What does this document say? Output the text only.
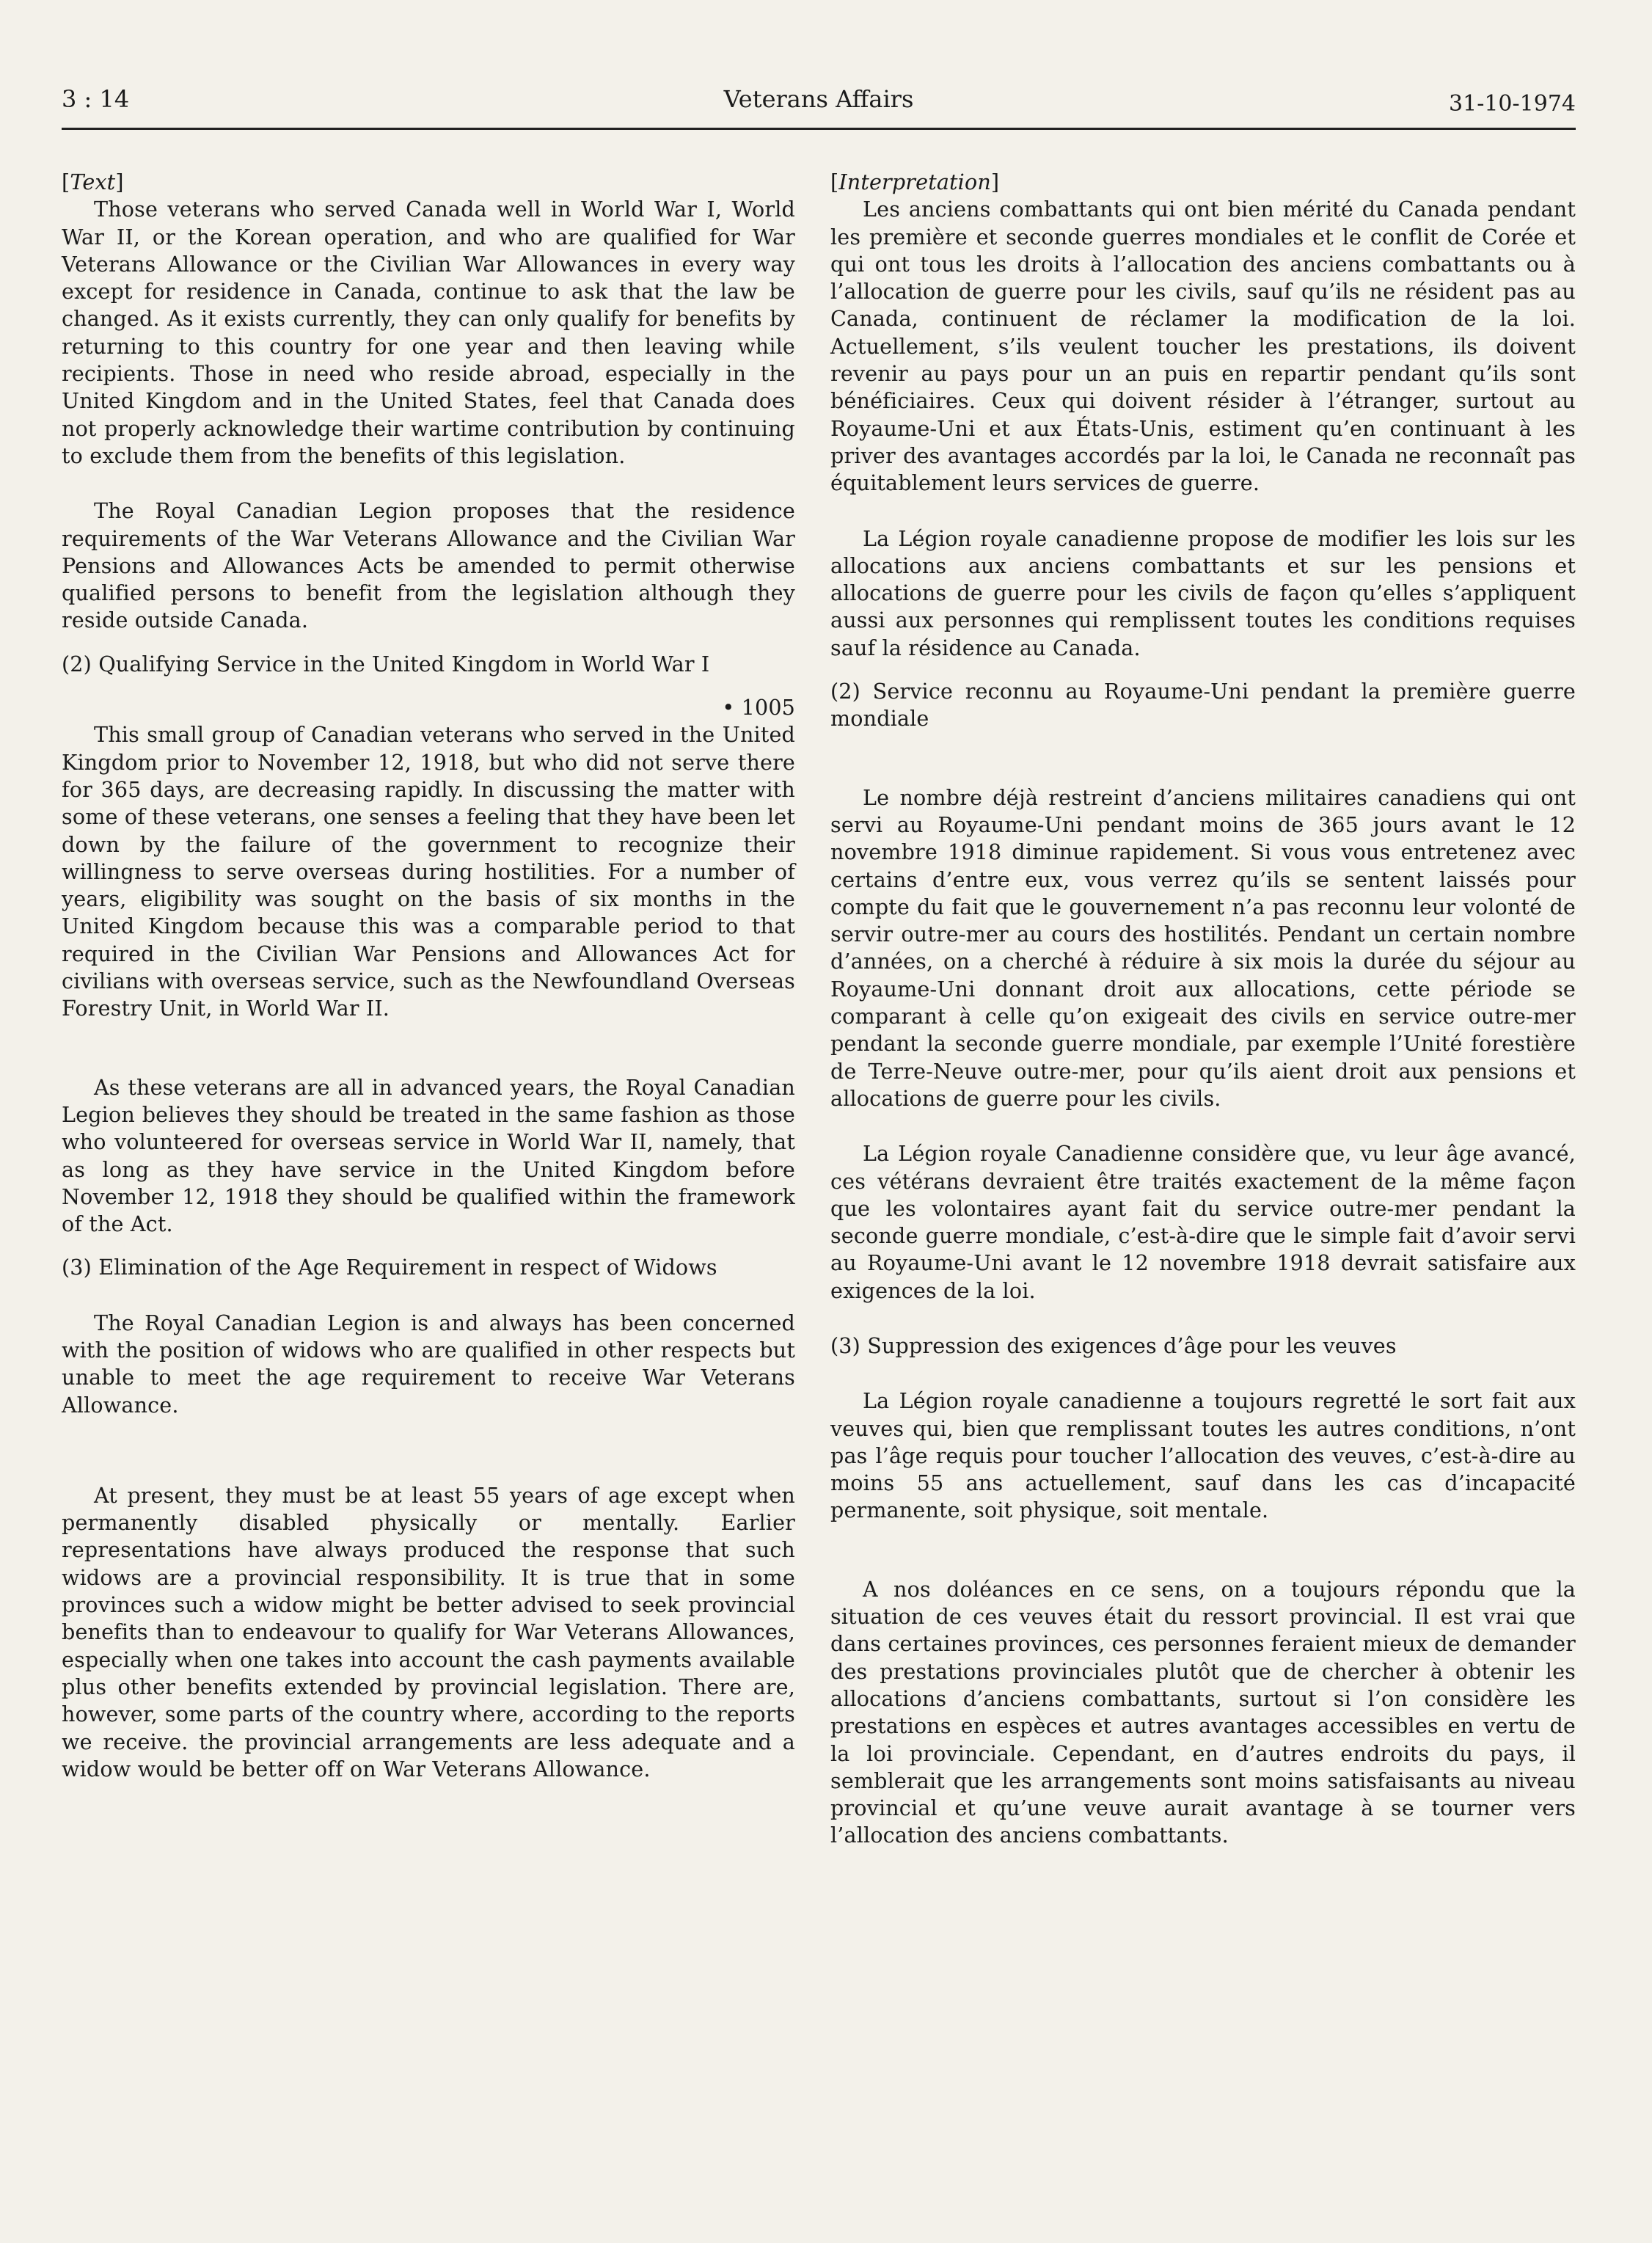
3 : 14	Veterans Affairs	31-10-1974
[Text]

Those veterans who served Canada well in World War I, World War II, or the Korean operation, and who are qualified for War Veterans Allowance or the Civilian War Allowances in every way except for residence in Canada, continue to ask that the law be changed. As it exists currently, they can only qualify for benefits by returning to this country for one year and then leaving while recipients. Those in need who reside abroad, especially in the United Kingdom and in the United States, feel that Canada does not properly acknowledge their wartime contribution by continuing to exclude them from the benefits of this legislation.

The Royal Canadian Legion proposes that the residence requirements of the War Veterans Allowance and the Civilian War Pensions and Allowances Acts be amended to permit otherwise qualified persons to benefit from the legislation although they reside outside Canada.

(2) Qualifying Service in the United Kingdom in World War I

• 1005

This small group of Canadian veterans who served in the United Kingdom prior to November 12, 1918, but who did not serve there for 365 days, are decreasing rapidly. In discussing the matter with some of these veterans, one senses a feeling that they have been let down by the failure of the government to recognize their willingness to serve overseas during hostilities. For a number of years, eligibility was sought on the basis of six months in the United Kingdom because this was a comparable period to that required in the Civilian War Pensions and Allowances Act for civilians with overseas service, such as the Newfoundland Overseas Forestry Unit, in World War II.

As these veterans are all in advanced years, the Royal Canadian Legion believes they should be treated in the same fashion as those who volunteered for overseas service in World War II, namely, that as long as they have service in the United Kingdom before November 12, 1918 they should be qualified within the framework of the Act.

(3) Elimination of the Age Requirement in respect of Widows

The Royal Canadian Legion is and always has been concerned with the position of widows who are qualified in other respects but unable to meet the age requirement to receive War Veterans Allowance.

At present, they must be at least 55 years of age except when permanently disabled physically or mentally. Earlier representations have always produced the response that such widows are a provincial responsibility. It is true that in some provinces such a widow might be better advised to seek provincial benefits than to endeavour to qualify for War Veterans Allowances, especially when one takes into account the cash payments available plus other benefits extended by provincial legislation. There are, however, some parts of the country where, according to the reports we receive. the provincial arrangements are less adequate and a widow would be better off on War Veterans Allowance.

[Interpretation]

Les anciens combattants qui ont bien mérité du Canada pendant les première et seconde guerres mondiales et le conflit de Corée et qui ont tous les droits à l’allocation des anciens combattants ou à l’allocation de guerre pour les civils, sauf qu’ils ne résident pas au Canada, continuent de réclamer la modification de la loi. Actuellement, s’ils veulent toucher les prestations, ils doivent revenir au pays pour un an puis en repartir pendant qu’ils sont bénéficiaires. Ceux qui doivent résider à l’étranger, surtout au Royaume-Uni et aux États-Unis, estiment qu’en continuant à les priver des avantages accordés par la loi, le Canada ne reconnaît pas équitablement leurs services de guerre.

La Légion royale canadienne propose de modifier les lois sur les allocations aux anciens combattants et sur les pensions et allocations de guerre pour les civils de façon qu’elles s’appliquent aussi aux personnes qui remplissent toutes les conditions requises sauf la résidence au Canada.

(2) Service reconnu au Royaume-Uni pendant la première guerre mondiale

Le nombre déjà restreint d’anciens militaires canadiens qui ont servi au Royaume-Uni pendant moins de 365 jours avant le 12 novembre 1918 diminue rapidement. Si vous vous entretenez avec certains d’entre eux, vous verrez qu’ils se sentent laissés pour compte du fait que le gouvernement n’a pas reconnu leur volonté de servir outre-mer au cours des hostilités. Pendant un certain nombre d’années, on a cherché à réduire à six mois la durée du séjour au Royaume-Uni donnant droit aux allocations, cette période se comparant à celle qu’on exigeait des civils en service outre-mer pendant la seconde guerre mondiale, par exemple l’Unité forestière de Terre-Neuve outre-mer, pour qu’ils aient droit aux pensions et allocations de guerre pour les civils.

La Légion royale Canadienne considère que, vu leur âge avancé, ces vétérans devraient être traités exactement de la même façon que les volontaires ayant fait du service outre-mer pendant la seconde guerre mondiale, c’est-à-dire que le simple fait d’avoir servi au Royaume-Uni avant le 12 novembre 1918 devrait satisfaire aux exigences de la loi.

(3) Suppression des exigences d’âge pour les veuves

La Légion royale canadienne a toujours regretté le sort fait aux veuves qui, bien que remplissant toutes les autres conditions, n’ont pas l’âge requis pour toucher l’allocation des veuves, c’est-à-dire au moins 55 ans actuellement, sauf dans les cas d’incapacité permanente, soit physique, soit mentale.

A nos doléances en ce sens, on a toujours répondu que la situation de ces veuves était du ressort provincial. Il est vrai que dans certaines provinces, ces personnes feraient mieux de demander des prestations provinciales plutôt que de chercher à obtenir les allocations d’anciens combattants, surtout si l’on considère les prestations en espèces et autres avantages accessibles en vertu de la loi provinciale. Cependant, en d’autres endroits du pays, il semblerait que les arrangements sont moins satisfaisants au niveau provincial et qu’une veuve aurait avantage à se tourner vers l’allocation des anciens combattants.
